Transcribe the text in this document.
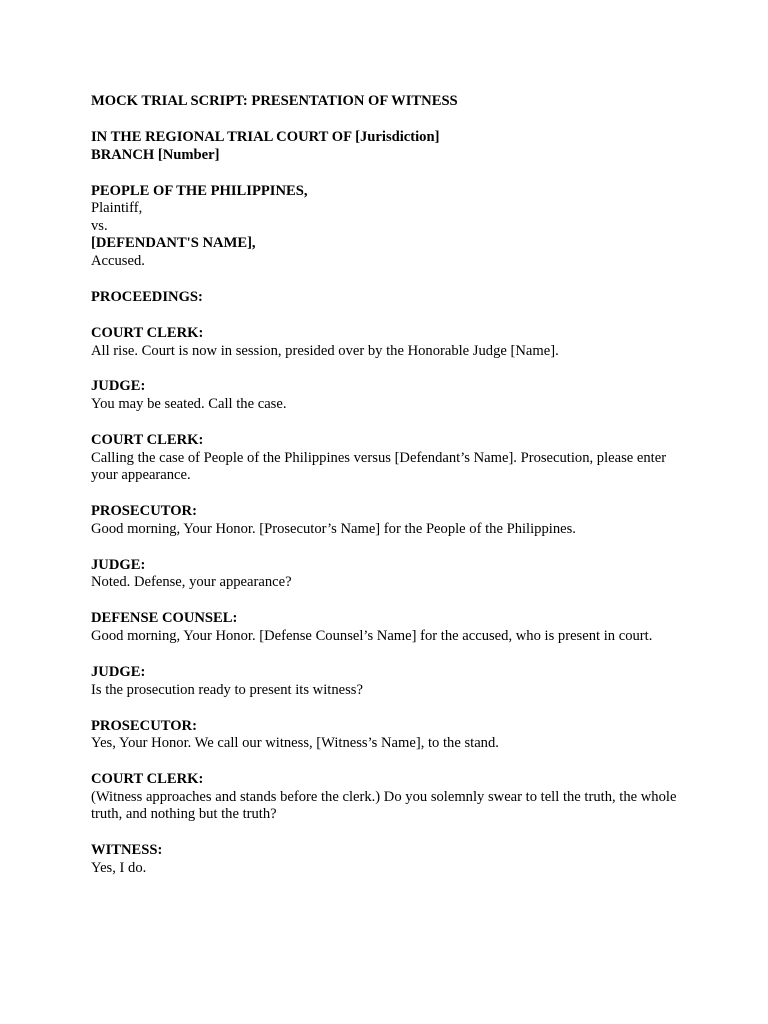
MOCK TRIAL SCRIPT: PRESENTATION OF WITNESS
IN THE REGIONAL TRIAL COURT OF [Jurisdiction]
BRANCH [Number]
PEOPLE OF THE PHILIPPINES,
Plaintiff,
vs.
[DEFENDANT'S NAME],
Accused.
PROCEEDINGS:
COURT CLERK:
All rise. Court is now in session, presided over by the Honorable Judge [Name].
JUDGE:
You may be seated. Call the case.
COURT CLERK:
Calling the case of People of the Philippines versus [Defendant’s Name]. Prosecution, please enter your appearance.
PROSECUTOR:
Good morning, Your Honor. [Prosecutor’s Name] for the People of the Philippines.
JUDGE:
Noted. Defense, your appearance?
DEFENSE COUNSEL:
Good morning, Your Honor. [Defense Counsel’s Name] for the accused, who is present in court.
JUDGE:
Is the prosecution ready to present its witness?
PROSECUTOR:
Yes, Your Honor. We call our witness, [Witness’s Name], to the stand.
COURT CLERK:
(Witness approaches and stands before the clerk.) Do you solemnly swear to tell the truth, the whole truth, and nothing but the truth?
WITNESS:
Yes, I do.
